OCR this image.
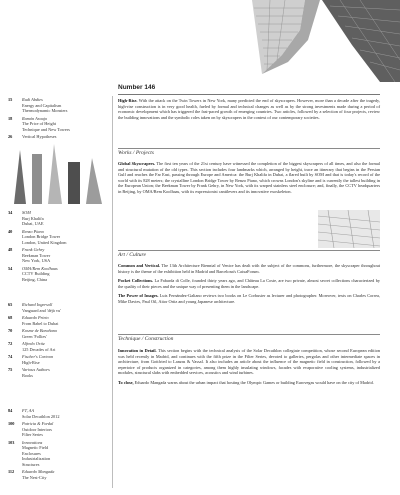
Number 146
15 Rudi Abdies
Energy and Capitalism
Thermodynamic Monsters
18 Ramón Araujo
The Price of Height
Technique and New Towers
26 Vertical Hypotheses
34 SOM
Burj Khalifa
Dubai, UAE
40 Renzo Piano
London Bridge Tower
London, United Kingdom
48 Frank Gehry
Beekman Tower
New York, USA
54 OMA/Rem Koolhaas
CCTV Building
Beijing, China
65 Richard Ingersoll
Vanguard and 'déjà vu'
68 Eduardo Prieto
From Babel to Dubai
70 Kosme de Barañano
Green 'Follies'
72 Alfredo Ortiz
125 Decades of Art
74 Fischer's Cartoon
High-Rise
75 Various Authors
Books
84 FT, AA
Solar Decathlon 2012
100 Patricia & Fordal
Outdoor Interiors
Filter Series
103 Innovations
Magnetic Field
Enclosures
Industrialization
Structures
112 Eduardo Mangada
The Nest-City

High-Rise. With the attack on the Twin Towers in New York, many predicted the end of skyscrapers. However, more than a decade after the tragedy, high-rise construction is in very good health, fueled by formal and technical changes as well as by the strong investments made during a period of economic development which has triggered the fast-paced growth of emerging countries. Two articles, followed by a selection of four projects, review the building innovations and the symbolic roles taken on by skyscrapers in the context of our contemporary societies.

Works / Projects

Global Skyscrapers. The first ten years of the 21st century have witnessed the completion of the biggest skyscrapers of all times, and also the formal and structural mutation of the old types. This section includes four landmarks which, arranged by height, trace an itinerary that begins in the Persian Gulf and reaches the Far East, passing through Europe and America: the Burj Khalifa in Dubai, a flared built by SOM and that is today's record of the world with its 828 meters; the crystalline London Bridge Tower by Renzo Piano, which crowns London's skyline and is currently the tallest building in the European Union; the Beekman Tower by Frank Gehry, in New York, with its warped stainless steel enclosure; and, finally, the CCTV headquarters in Beijing, by OMA/Rem Koolhaas, with its expressionist cantilevers and its innovative exoskeleton.

Art / Culture

Common and Vertical. The 13th Architecture Biennial of Venice has dealt with the subject of the commons, furthermore, the skyscraper throughout history is the theme of the exhibition held in Madrid and Barcelona's CaixaForum.

Pocket Collections. La Fabarda di Colle, founded thirty years ago, and Château La Coste, are two private, almost secret collections characterized by the quality of their pieces and the unique way of presenting them in the landscape.

The Power of Images. Luis Fernández-Galiano reviews two books on Le Corbusier as lecturer and photographer. Moreover, texts on Charles Correa, Mike Davies, Paul Oil, Aitor Ortiz and young Japanese architecture.

Technique / Construction

Innovation in Detail. This section begins with the technical analysis of the Solar Decathlon collegiate competition, whose second European edition was held recently in Madrid, and continues with the fifth prize in the Filter Series, devoted to galleries, pergolas and other intermediate spaces in architecture, from Gottfried to Lanzas & Vassal. It also includes an article about the influence of the magnetic field in construction, followed by a repertoire of products organized in categories, among them highly insulating windows, facades with evaporative cooling systems, industrialized modules, structural slabs with embedded services, acoustics and wind turbines.

To close, Eduardo Mangada warns about the urban impact that hosting the Olympic Games or building Eurovegas would have on the city of Madrid.
